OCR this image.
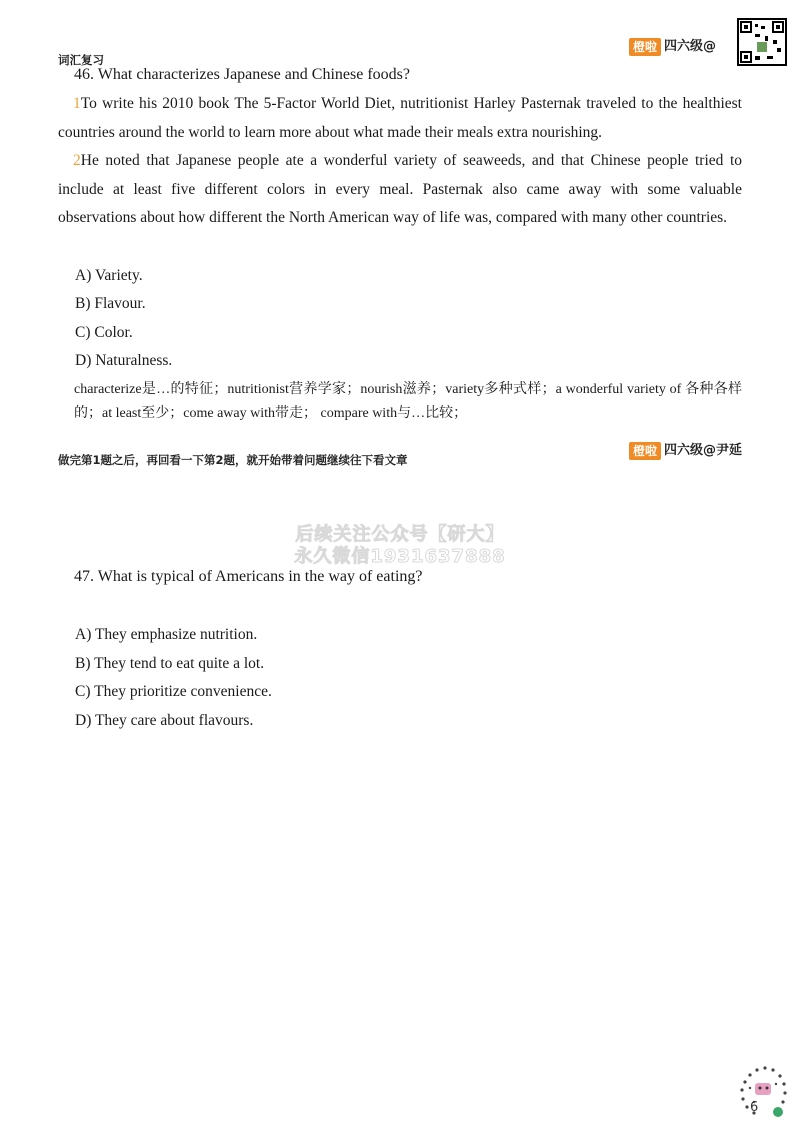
词汇复习
橙啦 四六级@
46. What characterizes Japanese and Chinese foods?
1To write his 2010 book The 5-Factor World Diet, nutritionist Harley Pasternak traveled to the healthiest countries around the world to learn more about what made their meals extra nourishing.
2He noted that Japanese people ate a wonderful variety of seaweeds, and that Chinese people tried to include at least five different colors in every meal. Pasternak also came away with some valuable observations about how different the North American way of life was, compared with many other countries.
A) Variety.
B) Flavour.
C) Color.
D) Naturalness.
characterize是…的特征；nutritionist营养学家；nourish滋养；variety多种式样；a wonderful variety of 各种各样的；at least至少；come away with带走； compare with与…比较；
做完第1题之后，再回看一下第2题，就开始带着问题继续往下看文章
橙啦 四六级@尹延
后续关注公众号【研大】
永久微信1931637888
47. What is typical of Americans in the way of eating?
A) They emphasize nutrition.
B) They tend to eat quite a lot.
C) They prioritize convenience.
D) They care about flavours.
6
